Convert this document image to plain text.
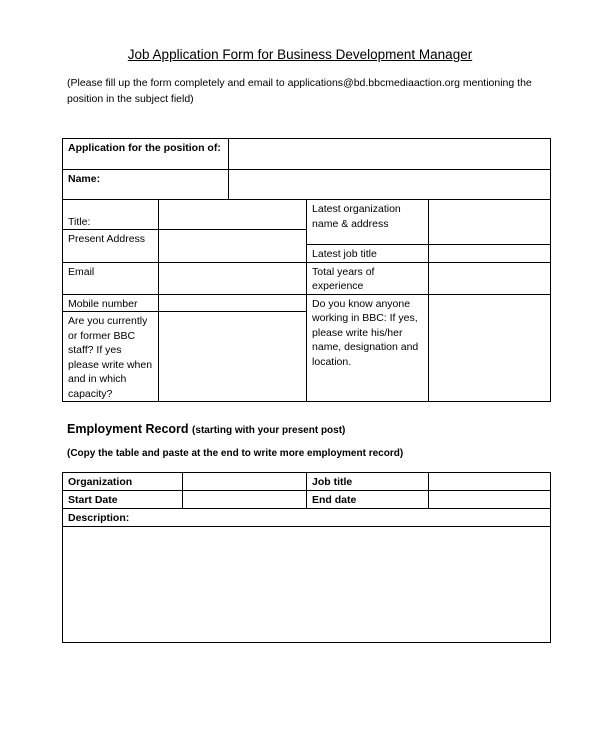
Job Application Form for Business Development Manager
(Please fill up the form completely and email to applications@bd.bbcmediaaction.org mentioning the position in the subject field)
Application for the position of:				
Name:				
Title:			Latest organization name & address	
Present Address				
			Latest job title	
Email			Total years of experience	
Mobile number			Do you know anyone working in BBC: If yes, please write his/her name, designation and location.	
Are you currently or former BBC staff? If yes please write when and in which capacity?				
Employment Record (starting with your present post)
(Copy the table and paste at the end to write more employment record)
Organization		Job title	
Start Date		End date	
Description:			
